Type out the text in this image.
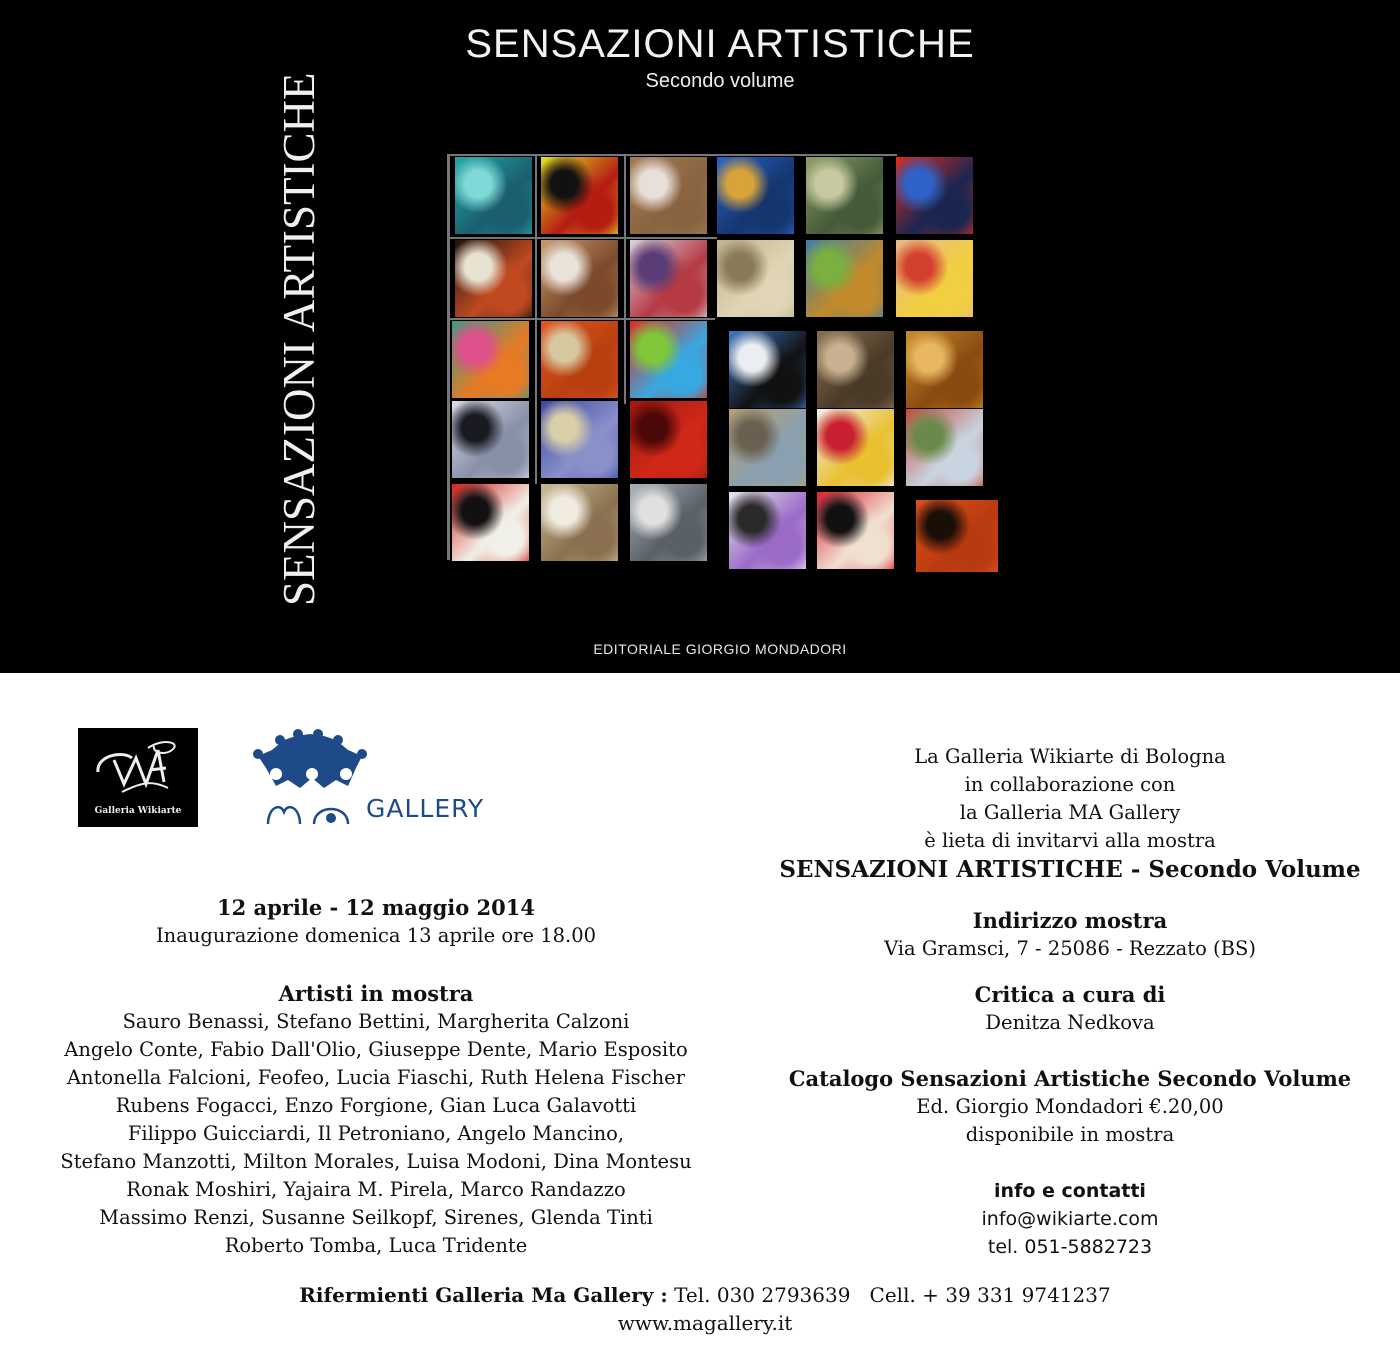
SENSAZIONI ARTISTICHE
Secondo volume
SENSAZIONI ARTISTICHE
EDITORIALE GIORGIO MONDADORI
Galleria Wikiarte	GALLERY
12 aprile - 12 maggio 2014
Inaugurazione domenica 13 aprile ore 18.00
Artisti in mostra
Sauro Benassi, Stefano Bettini, Margherita Calzoni
Angelo Conte, Fabio Dall'Olio, Giuseppe Dente, Mario Esposito
Antonella Falcioni, Feofeo, Lucia Fiaschi, Ruth Helena Fischer
Rubens Fogacci, Enzo Forgione, Gian Luca Galavotti
Filippo Guicciardi, Il Petroniano, Angelo Mancino,
Stefano Manzotti, Milton Morales, Luisa Modoni, Dina Montesu
Ronak Moshiri, Yajaira M. Pirela, Marco Randazzo
Massimo Renzi, Susanne Seilkopf, Sirenes, Glenda Tinti
Roberto Tomba, Luca Tridente
La Galleria Wikiarte di Bologna
in collaborazione con
la Galleria MA Gallery
è lieta di invitarvi alla mostra
SENSAZIONI ARTISTICHE - Secondo Volume
Indirizzo mostra
Via Gramsci, 7 - 25086 - Rezzato (BS)
Critica a cura di
Denitza Nedkova
Catalogo Sensazioni Artistiche Secondo Volume
Ed. Giorgio Mondadori €.20,00
disponibile in mostra
info e contatti
info@wikiarte.com
tel. 051-5882723
Rifermienti Galleria Ma Gallery : Tel. 030 2793639 Cell. + 39 331 9741237
www.magallery.it
